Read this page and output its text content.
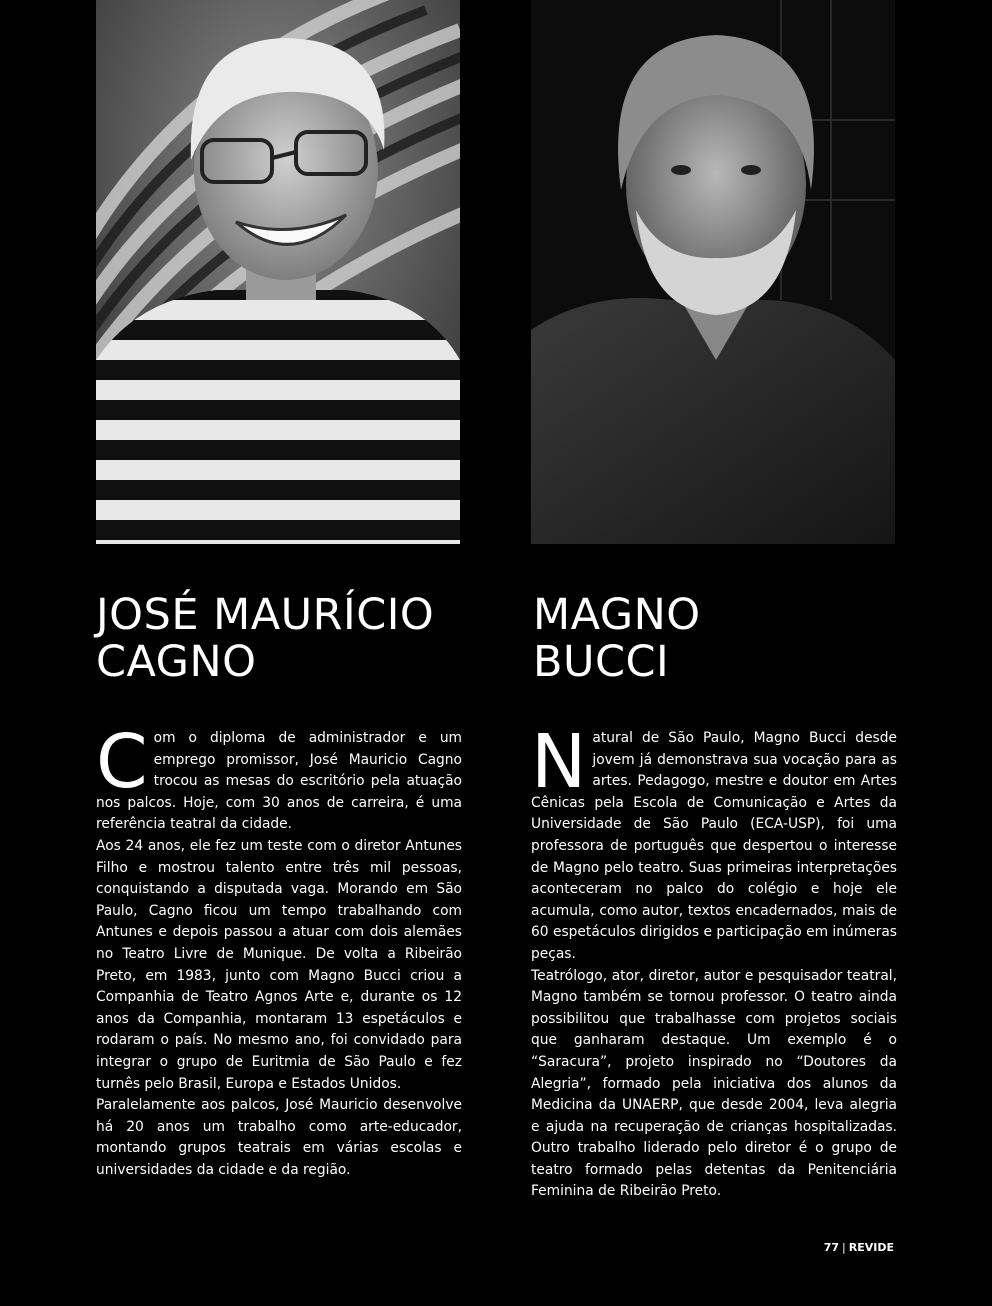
JOSÉ MAURÍCIO
CAGNO
MAGNO
BUCCI

Com o diploma de administrador e um emprego promissor, José Mauricio Cagno trocou as mesas do escritório pela atuação nos palcos. Hoje, com 30 anos de carreira, é uma referência teatral da cidade.

Aos 24 anos, ele fez um teste com o diretor Antunes Filho e mostrou talento entre três mil pessoas, conquistando a disputada vaga. Morando em São Paulo, Cagno ficou um tempo trabalhando com Antunes e depois passou a atuar com dois alemães no Teatro Livre de Munique. De volta a Ribeirão Preto, em 1983, junto com Magno Bucci criou a Companhia de Teatro Agnos Arte e, durante os 12 anos da Companhia, montaram 13 espetáculos e rodaram o país. No mesmo ano, foi convidado para integrar o grupo de Euritmia de São Paulo e fez turnês pelo Brasil, Europa e Estados Unidos.

Paralelamente aos palcos, José Mauricio desenvolve há 20 anos um trabalho como arte-educador, montando grupos teatrais em várias escolas e universidades da cidade e da região.

Natural de São Paulo, Magno Bucci desde jovem já demonstrava sua vocação para as artes. Pedagogo, mestre e doutor em Artes Cênicas pela Escola de Comunicação e Artes da Universidade de São Paulo (ECA-USP), foi uma professora de português que despertou o interesse de Magno pelo teatro. Suas primeiras interpretações aconteceram no palco do colégio e hoje ele acumula, como autor, textos encadernados, mais de 60 espetáculos dirigidos e participação em inúmeras peças.

Teatrólogo, ator, diretor, autor e pesquisador teatral, Magno também se tornou professor. O teatro ainda possibilitou que trabalhasse com projetos sociais que ganharam destaque. Um exemplo é o “Saracura”, projeto inspirado no “Doutores da Alegria”, formado pela iniciativa dos alunos da Medicina da UNAERP, que desde 2004, leva alegria e ajuda na recuperação de crianças hospitalizadas. Outro trabalho liderado pelo diretor é o grupo de teatro formado pelas detentas da Penitenciária Feminina de Ribeirão Preto.

77 | REVIDE
